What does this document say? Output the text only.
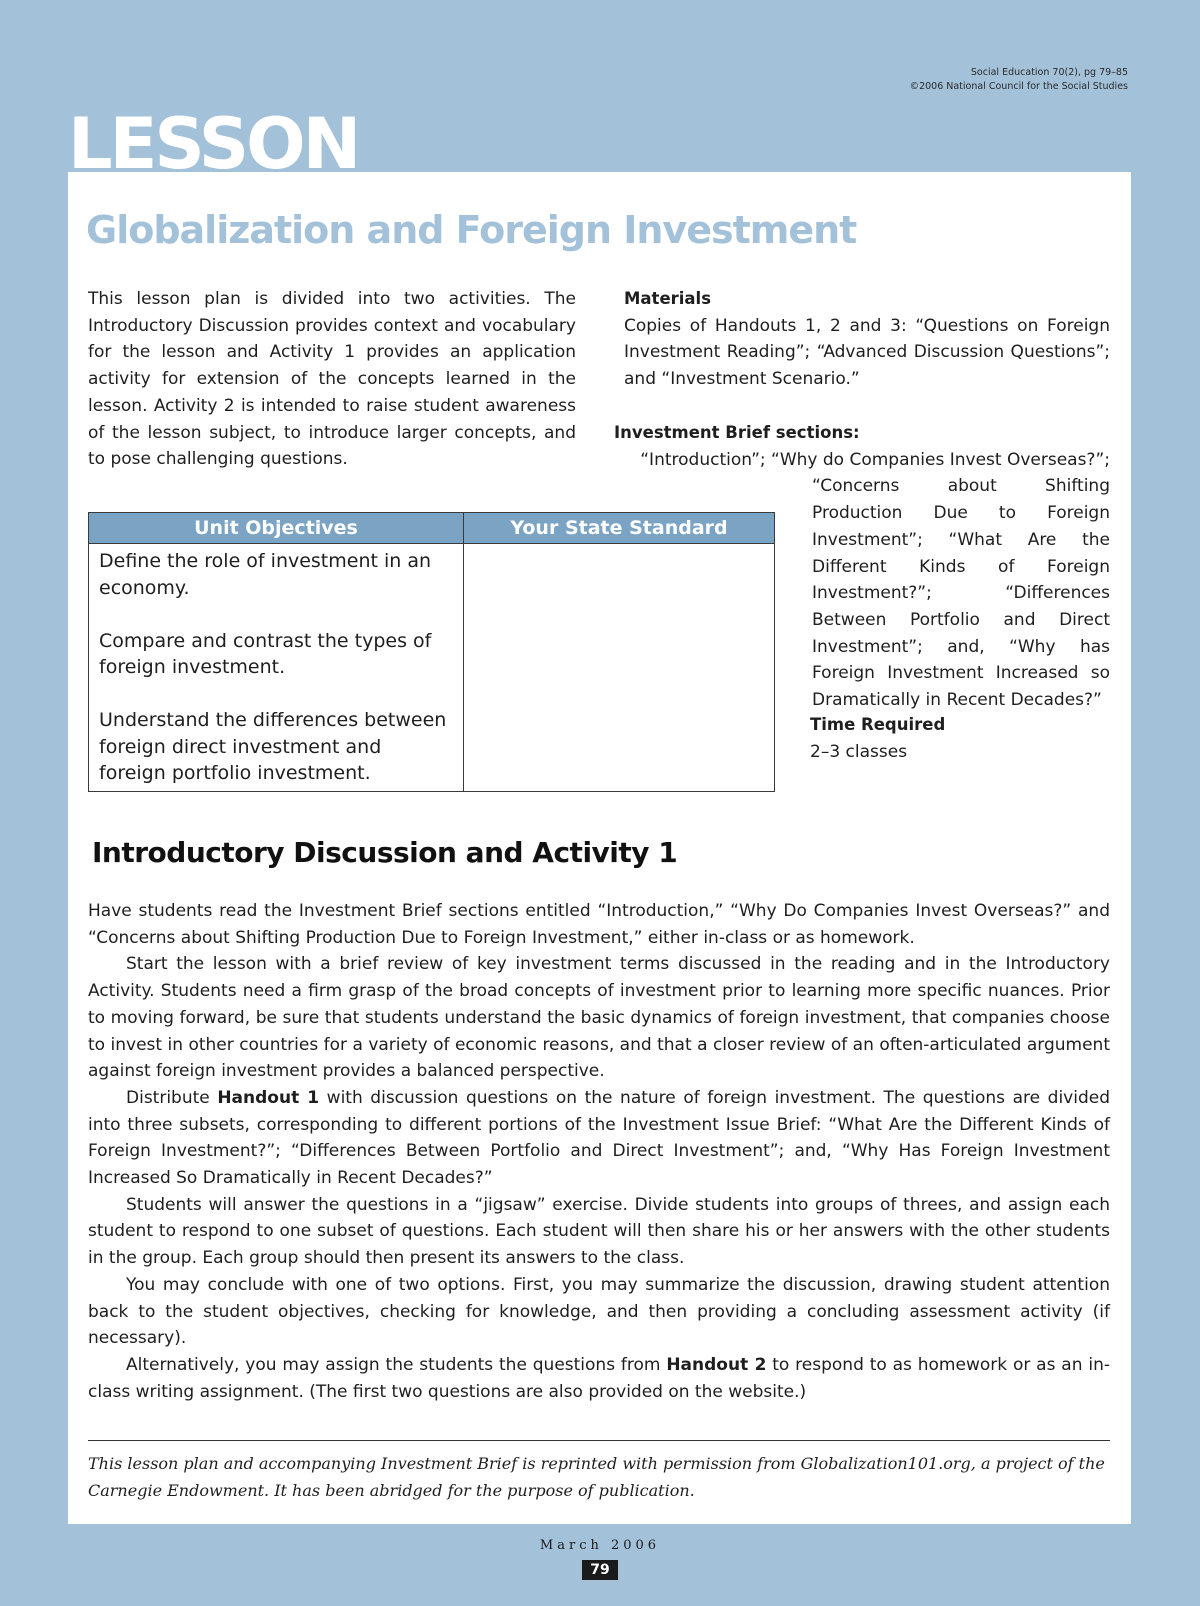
Social Education 70(2), pg 79–85
©2006 National Council for the Social Studies
LESSON
Globalization and Foreign Investment

This lesson plan is divided into two activities. The Introductory Discussion provides context and vocabulary for the lesson and Activity 1 provides an application activity for extension of the concepts learned in the lesson. Activity 2 is intended to raise student awareness of the lesson subject, to introduce larger concepts, and to pose challenging questions.

Materials

Copies of Handouts 1, 2 and 3: “Questions on Foreign Investment Reading”; “Advanced Discussion Questions”; and “Investment Scenario.”

Investment Brief sections:

“Introduction”; “Why do Companies Invest Overseas?”;

“Concerns about Shifting Production Due to Foreign Investment”; “What Are the Different Kinds of Foreign Investment?”; “Differences Between Portfolio and Direct Investment”; and, “Why has Foreign Investment Increased so Dramatically in Recent Decades?”

Time Required

2–3 classes

Unit Objectives	Your State Standard

Define the role of investment in an economy.

Compare and contrast the types of foreign investment.

Understand the differences between foreign direct investment and foreign portfolio investment.	

Introductory Discussion and Activity 1

Have students read the Investment Brief sections entitled “Introduction,” “Why Do Companies Invest Overseas?” and “Concerns about Shifting Production Due to Foreign Investment,” either in-class or as homework.

Start the lesson with a brief review of key investment terms discussed in the reading and in the Introductory Activity. Students need a firm grasp of the broad concepts of investment prior to learning more specific nuances. Prior to moving forward, be sure that students understand the basic dynamics of foreign investment, that companies choose to invest in other countries for a variety of economic reasons, and that a closer review of an often-articulated argument against foreign investment provides a balanced perspective.

Distribute Handout 1 with discussion questions on the nature of foreign investment. The questions are divided into three subsets, corresponding to different portions of the Investment Issue Brief: “What Are the Different Kinds of Foreign Investment?”; “Differences Between Portfolio and Direct Investment”; and, “Why Has Foreign Investment Increased So Dramatically in Recent Decades?”

Students will answer the questions in a “jigsaw” exercise. Divide students into groups of threes, and assign each student to respond to one subset of questions. Each student will then share his or her answers with the other students in the group. Each group should then present its answers to the class.

You may conclude with one of two options. First, you may summarize the discussion, drawing student attention back to the student objectives, checking for knowledge, and then providing a concluding assessment activity (if necessary).

Alternatively, you may assign the students the questions from Handout 2 to respond to as homework or as an in-class writing assignment. (The first two questions are also provided on the website.)

This lesson plan and accompanying Investment Brief is reprinted with permission from Globalization101.org, a project of the Carnegie Endowment. It has been abridged for the purpose of publication.

March 2006
79
